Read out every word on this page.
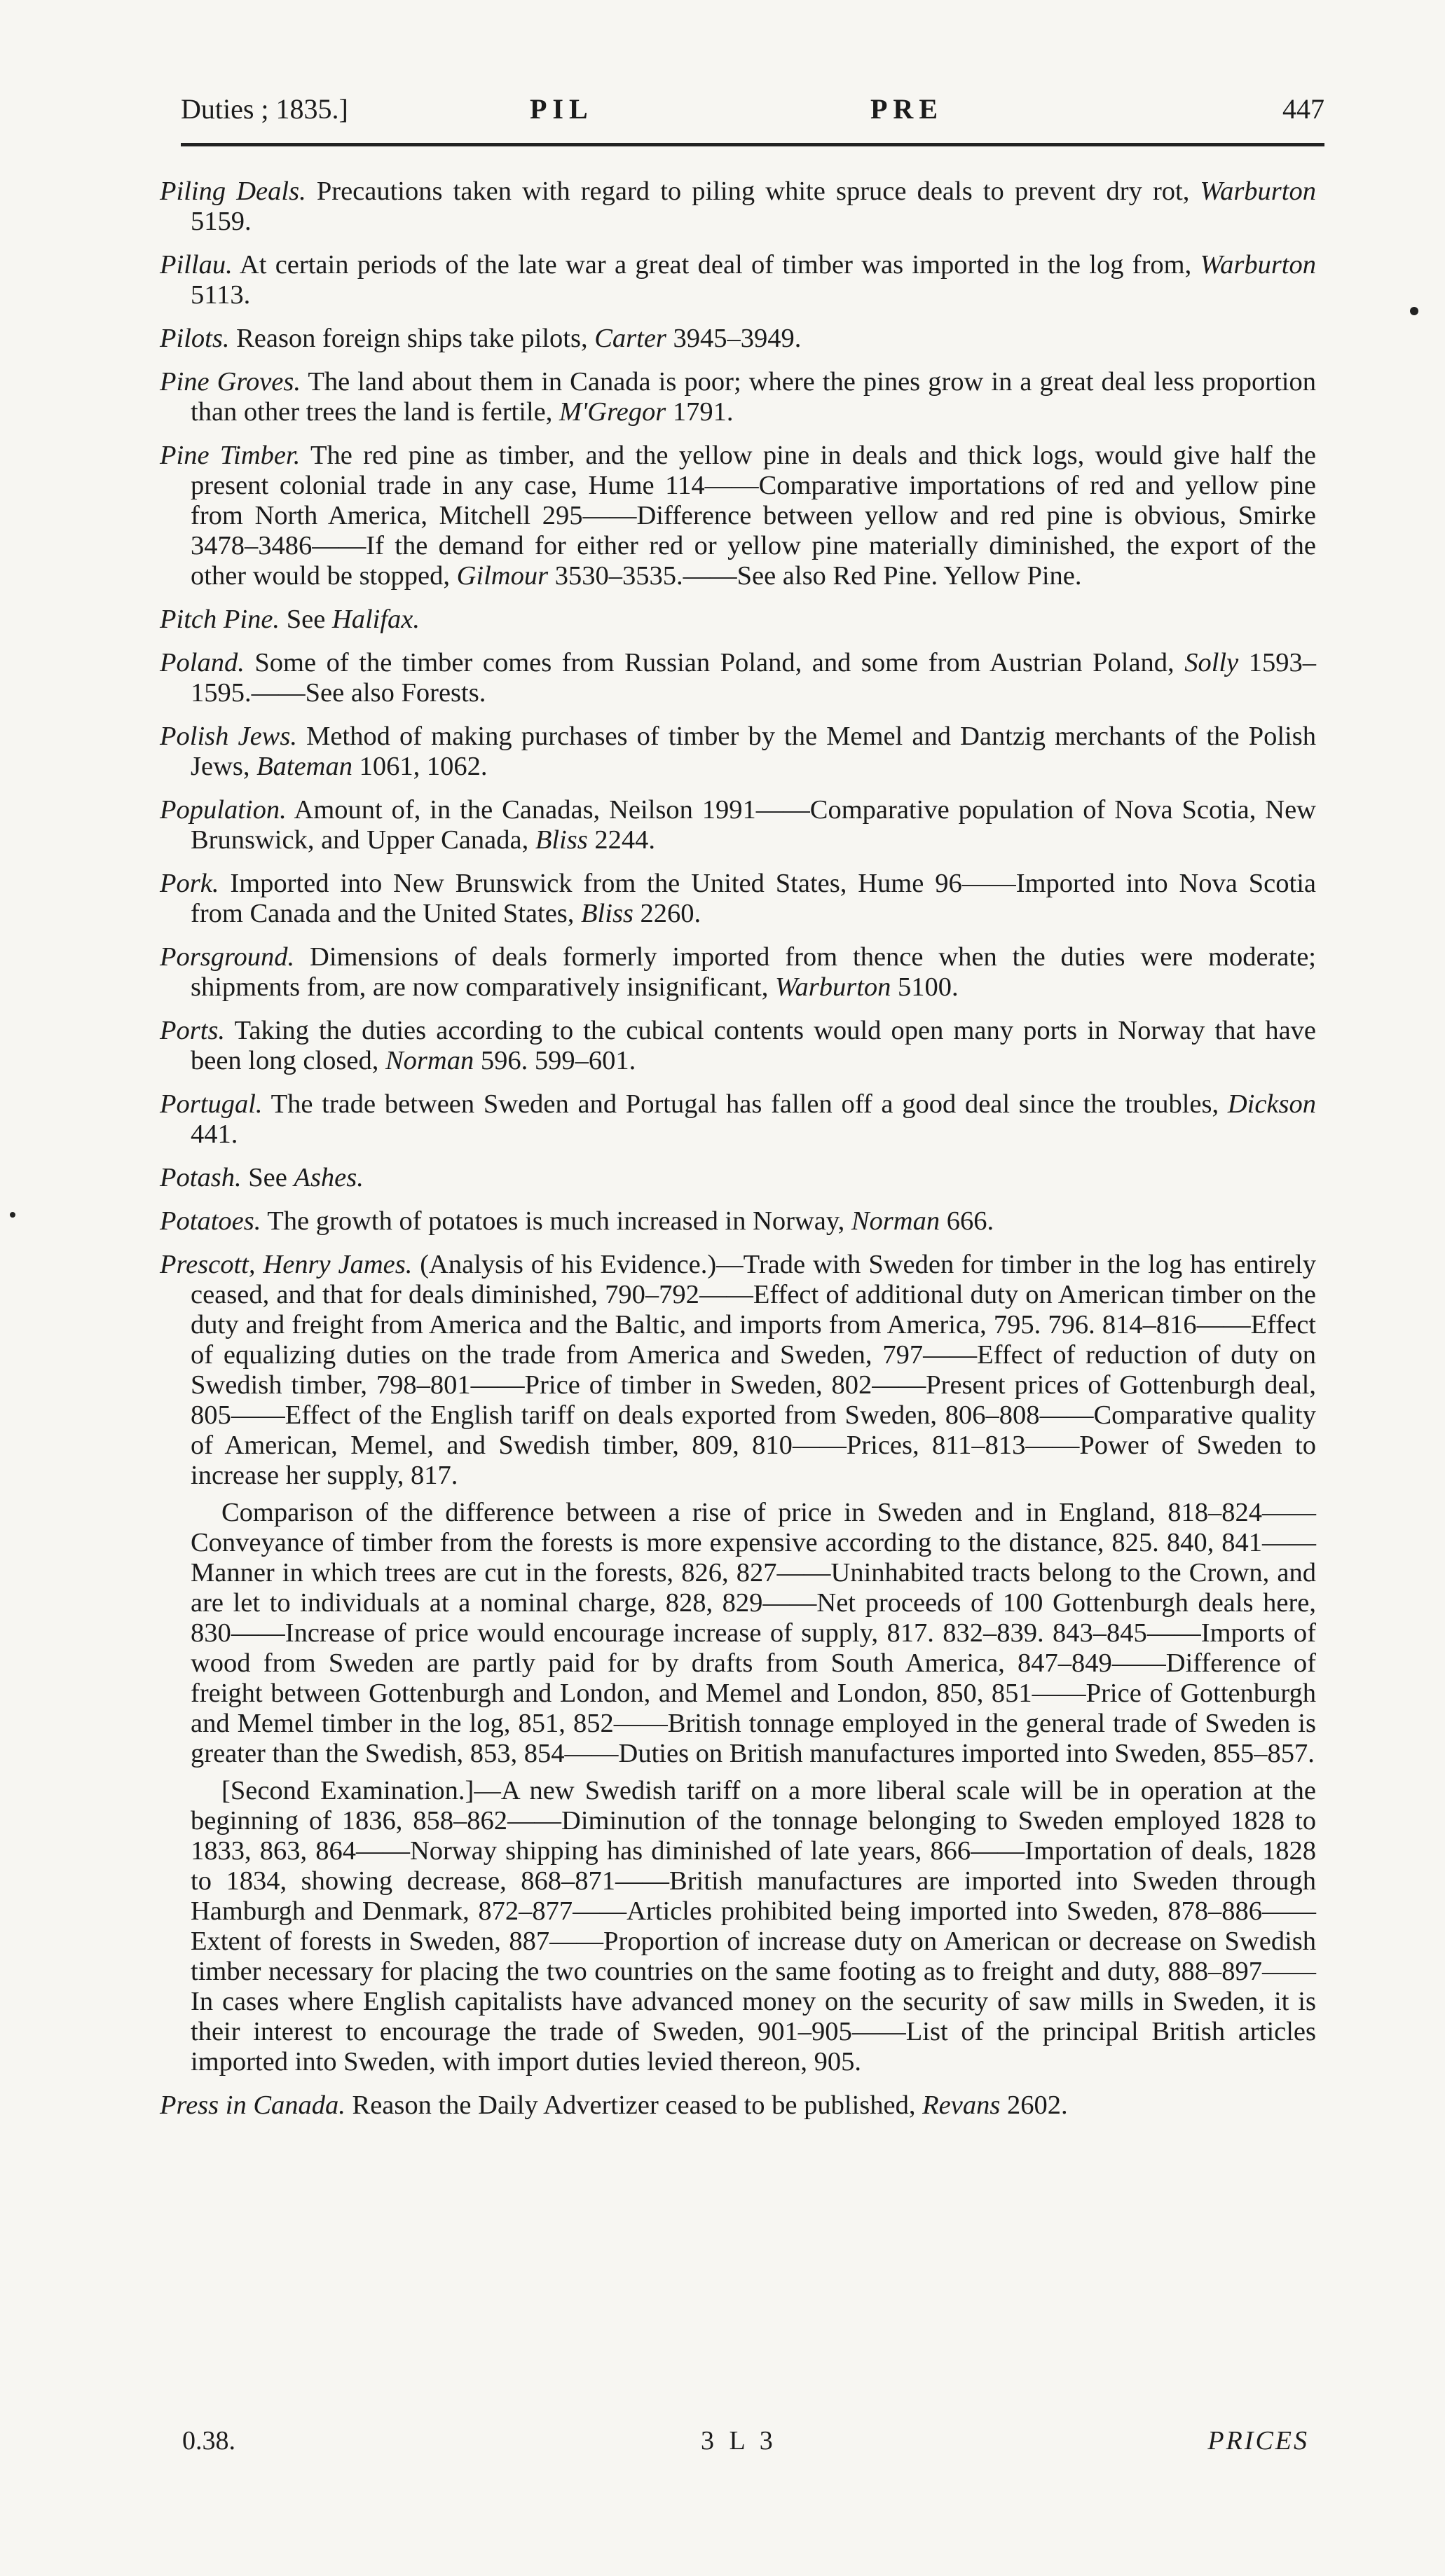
Duties ; 1835.]	PIL	PRE	447
Piling Deals. Precautions taken with regard to piling white spruce deals to prevent dry rot, Warburton 5159.
Pillau. At certain periods of the late war a great deal of timber was imported in the log from, Warburton 5113.
Pilots. Reason foreign ships take pilots, Carter 3945–3949.
Pine Groves. The land about them in Canada is poor; where the pines grow in a great deal less proportion than other trees the land is fertile, M'Gregor 1791.
Pine Timber. The red pine as timber, and the yellow pine in deals and thick logs, would give half the present colonial trade in any case, Hume 114——Comparative importations of red and yellow pine from North America, Mitchell 295——Difference between yellow and red pine is obvious, Smirke 3478–3486——If the demand for either red or yellow pine materially diminished, the export of the other would be stopped, Gilmour 3530–3535.——See also Red Pine. Yellow Pine.
Pitch Pine. See Halifax.
Poland. Some of the timber comes from Russian Poland, and some from Austrian Poland, Solly 1593–1595.——See also Forests.
Polish Jews. Method of making purchases of timber by the Memel and Dantzig merchants of the Polish Jews, Bateman 1061, 1062.
Population. Amount of, in the Canadas, Neilson 1991——Comparative population of Nova Scotia, New Brunswick, and Upper Canada, Bliss 2244.
Pork. Imported into New Brunswick from the United States, Hume 96——Imported into Nova Scotia from Canada and the United States, Bliss 2260.
Porsground. Dimensions of deals formerly imported from thence when the duties were moderate; shipments from, are now comparatively insignificant, Warburton 5100.
Ports. Taking the duties according to the cubical contents would open many ports in Norway that have been long closed, Norman 596. 599–601.
Portugal. The trade between Sweden and Portugal has fallen off a good deal since the troubles, Dickson 441.
Potash. See Ashes.
Potatoes. The growth of potatoes is much increased in Norway, Norman 666.

Prescott, Henry James. (Analysis of his Evidence.)—Trade with Sweden for timber in the log has entirely ceased, and that for deals diminished, 790–792——Effect of additional duty on American timber on the duty and freight from America and the Baltic, and imports from America, 795. 796. 814–816——Effect of equalizing duties on the trade from America and Sweden, 797——Effect of reduction of duty on Swedish timber, 798–801——Price of timber in Sweden, 802——Present prices of Gottenburgh deal, 805——Effect of the English tariff on deals exported from Sweden, 806–808——Comparative quality of American, Memel, and Swedish timber, 809, 810——Prices, 811–813——Power of Sweden to increase her supply, 817.

Comparison of the difference between a rise of price in Sweden and in England, 818–824——Conveyance of timber from the forests is more expensive according to the distance, 825. 840, 841——Manner in which trees are cut in the forests, 826, 827——Uninhabited tracts belong to the Crown, and are let to individuals at a nominal charge, 828, 829——Net proceeds of 100 Gottenburgh deals here, 830——Increase of price would encourage increase of supply, 817. 832–839. 843–845——Imports of wood from Sweden are partly paid for by drafts from South America, 847–849——Difference of freight between Gottenburgh and London, and Memel and London, 850, 851——Price of Gottenburgh and Memel timber in the log, 851, 852——British tonnage employed in the general trade of Sweden is greater than the Swedish, 853, 854——Duties on British manufactures imported into Sweden, 855–857.

[Second Examination.]—A new Swedish tariff on a more liberal scale will be in operation at the beginning of 1836, 858–862——Diminution of the tonnage belonging to Sweden employed 1828 to 1833, 863, 864——Norway shipping has diminished of late years, 866——Importation of deals, 1828 to 1834, showing decrease, 868–871——British manufactures are imported into Sweden through Hamburgh and Denmark, 872–877——Articles prohibited being imported into Sweden, 878–886——Extent of forests in Sweden, 887——Proportion of increase duty on American or decrease on Swedish timber necessary for placing the two countries on the same footing as to freight and duty, 888–897——In cases where English capitalists have advanced money on the security of saw mills in Sweden, it is their interest to encourage the trade of Sweden, 901–905——List of the principal British articles imported into Sweden, with import duties levied thereon, 905.

Press in Canada. Reason the Daily Advertizer ceased to be published, Revans 2602.
0.38.	3 L 3	PRICES
